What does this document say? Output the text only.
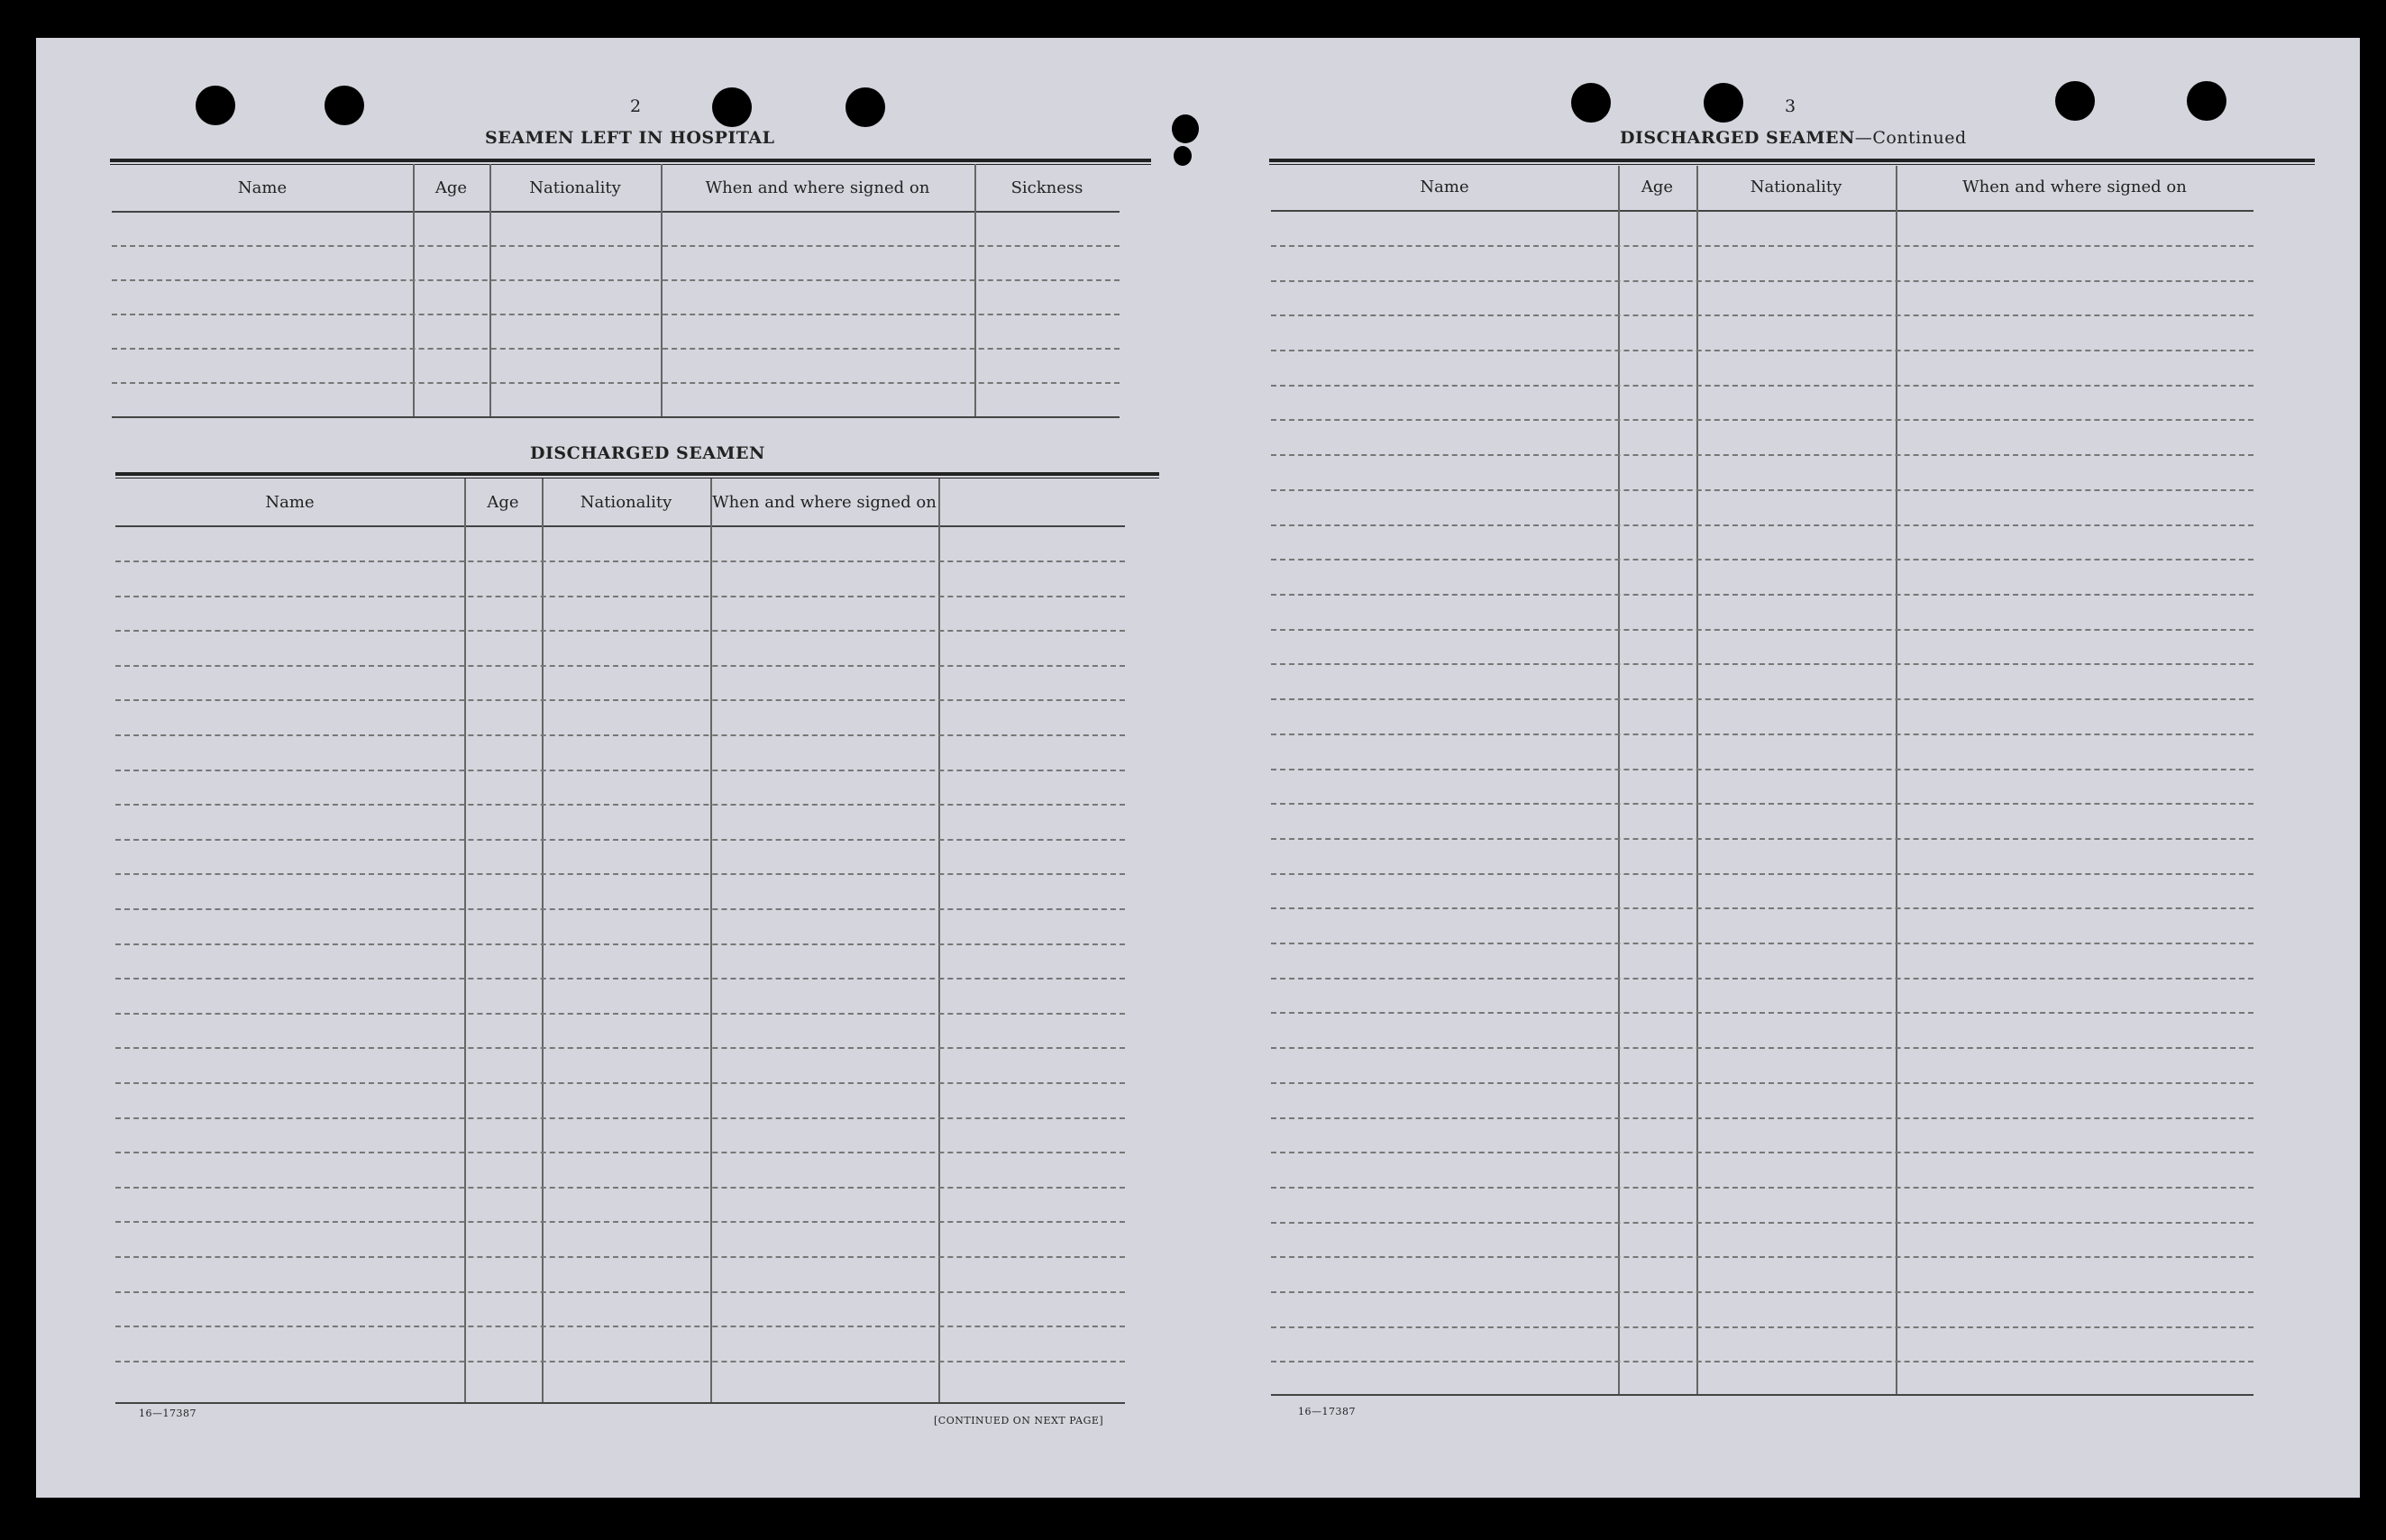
2
SEAMEN LEFT IN HOSPITAL
Name	Age	Nationality	When and where signed on	Sickness
DISCHARGED SEAMEN
Name	Age	Nationality	When and where signed on
16—17387
[CONTINUED ON NEXT PAGE]
3
DISCHARGED SEAMEN—Continued
Name	Age	Nationality	When and where signed on
16—17387
